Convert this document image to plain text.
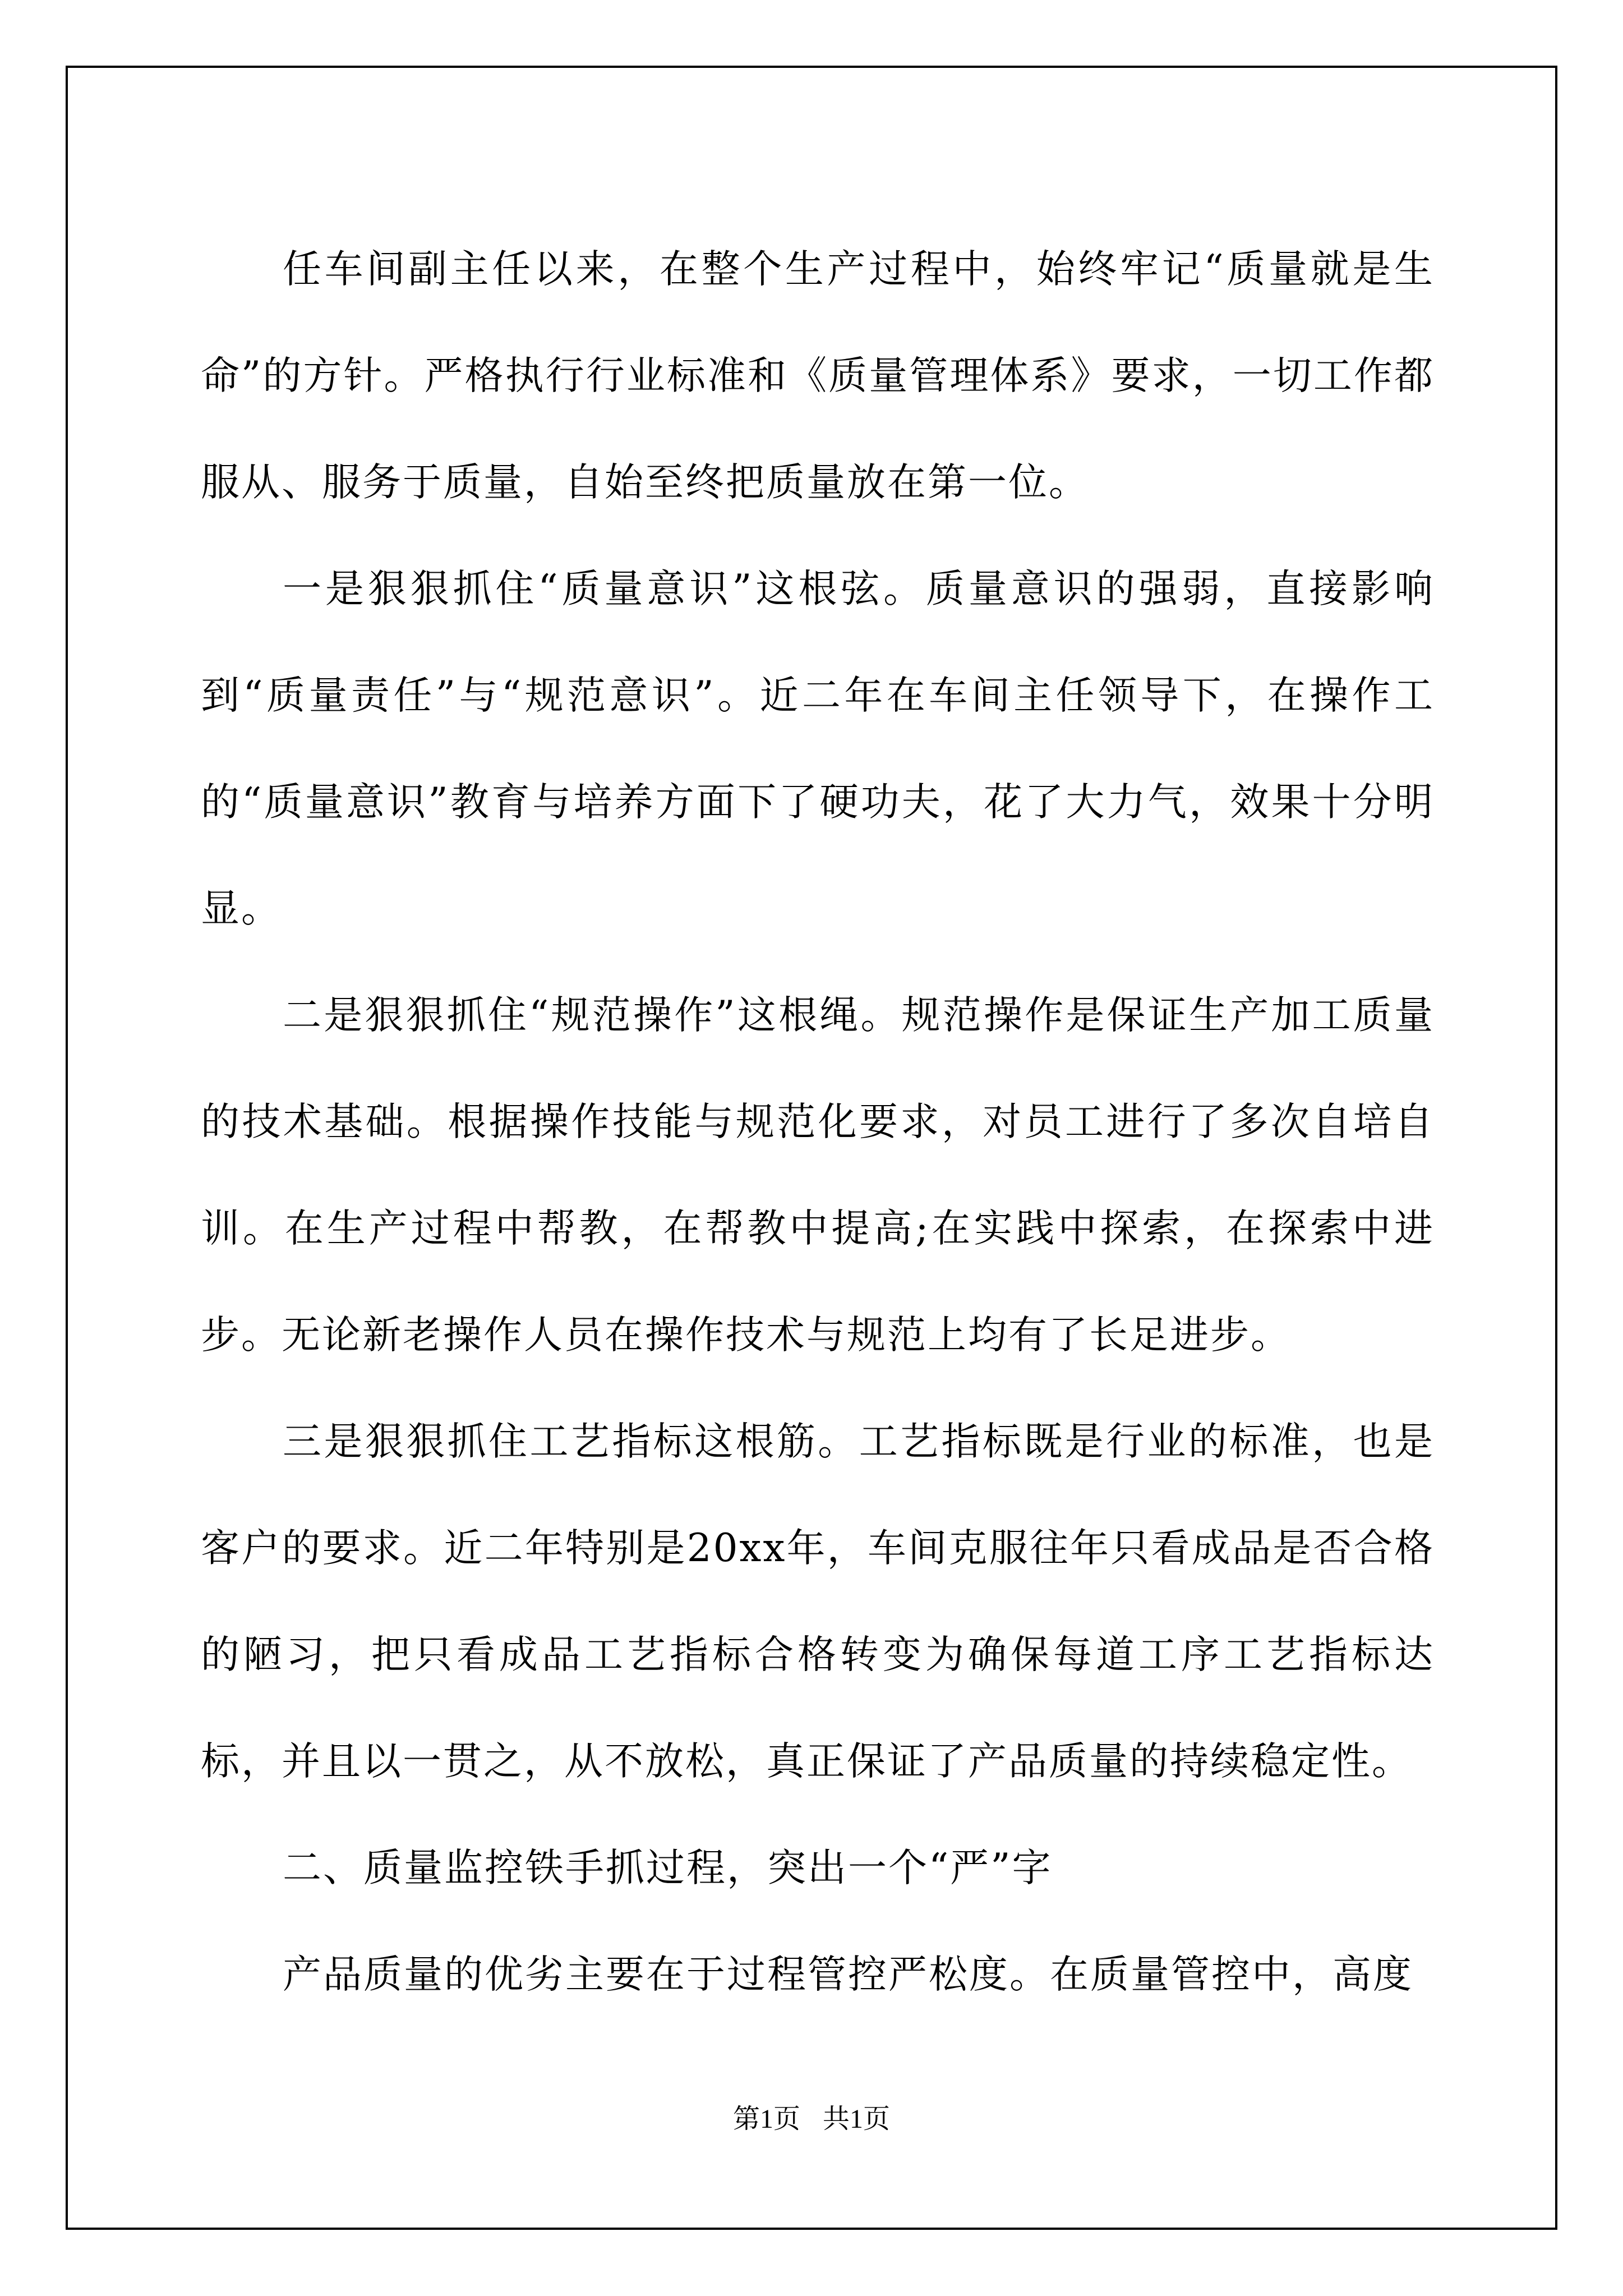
任车间副主任以来，在整个生产过程中，始终牢记“质量就是生命”的方针。严格执行行业标准和《质量管理体系》要求，一切工作都服从、服务于质量，自始至终把质量放在第一位。

一是狠狠抓住“质量意识”这根弦。质量意识的强弱，直接影响到“质量责任”与“规范意识”。近二年在车间主任领导下，在操作工的“质量意识”教育与培养方面下了硬功夫，花了大力气，效果十分明显。

二是狠狠抓住“规范操作”这根绳。规范操作是保证生产加工质量的技术基础。根据操作技能与规范化要求，对员工进行了多次自培自训。在生产过程中帮教，在帮教中提高;在实践中探索，在探索中进步。无论新老操作人员在操作技术与规范上均有了长足进步。

三是狠狠抓住工艺指标这根筋。工艺指标既是行业的标准，也是客户的要求。近二年特别是20xx年，车间克服往年只看成品是否合格的陋习，把只看成品工艺指标合格转变为确保每道工序工艺指标达标，并且以一贯之，从不放松，真正保证了产品质量的持续稳定性。

二、质量监控铁手抓过程，突出一个“严”字

产品质量的优劣主要在于过程管控严松度。在质量管控中，高度

第1页 共1页
